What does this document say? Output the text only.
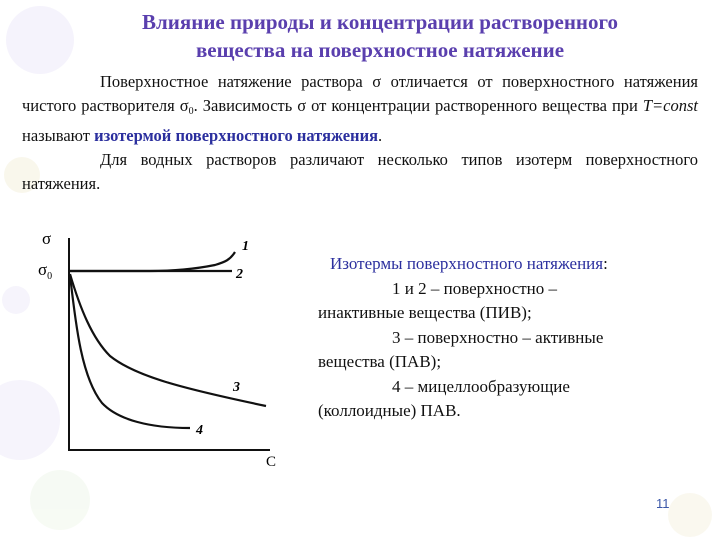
Влияние природы и концентрации растворенного
вещества на поверхностное натяжение
Поверхностное натяжение раствора σ отличается от поверхностного натяжения чистого растворителя $\sigma_0$. Зависимость σ от концентрации растворенного вещества при T=const называют изотермой поверхностного натяжения.
Для водных растворов различают несколько типов изотерм поверхностного натяжения.
σ
$\sigma_0$
C
1
2
3
4
Изотермы поверхностного натяжения:
1 и 2 – поверхностно –
инактивные вещества (ПИВ);
3 – поверхностно – активные
вещества (ПАВ);
4 – мицеллообразующие
(коллоидные) ПАВ.
11
